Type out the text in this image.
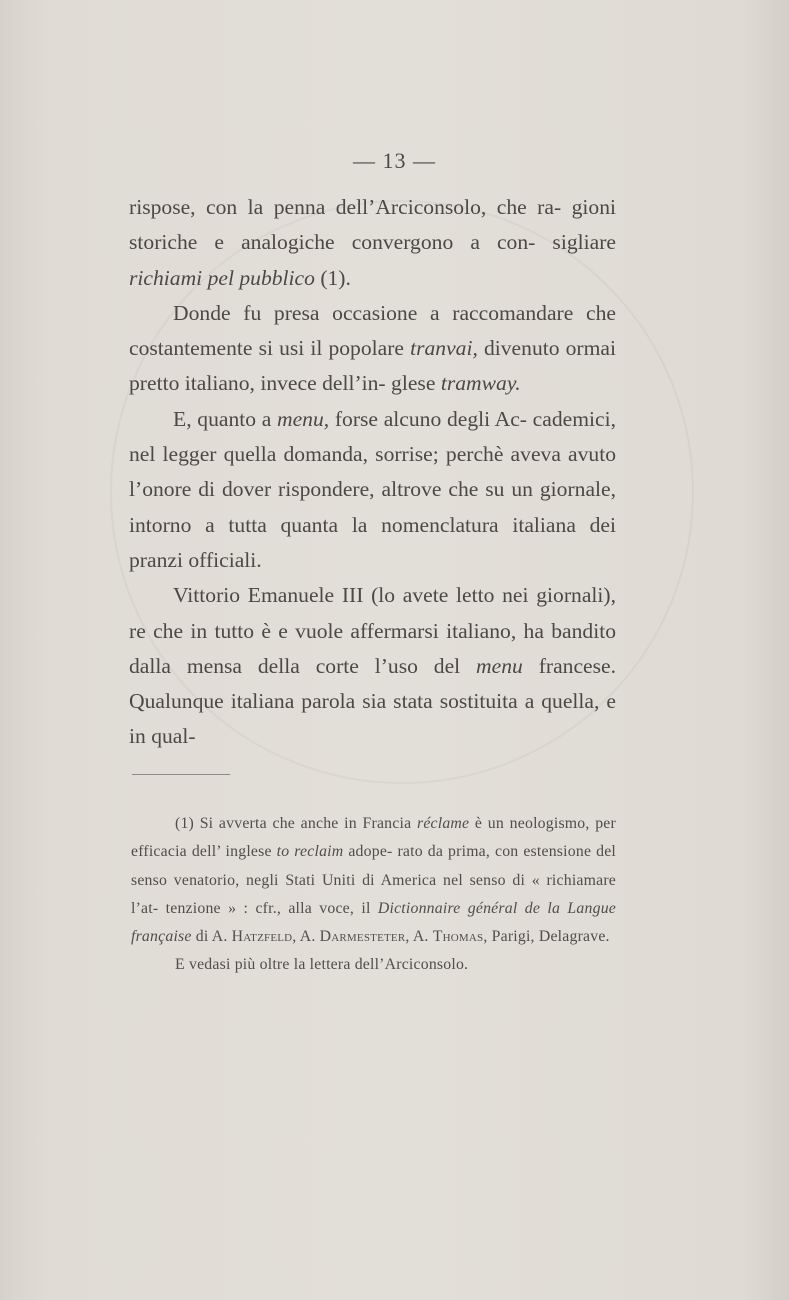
— 13 —

rispose, con la penna dell’Arciconsolo, che ra- gioni storiche e analogiche convergono a con- sigliare richiami pel pubblico (1).

Donde fu presa occasione a raccomandare che costantemente si usi il popolare tranvai, divenuto ormai pretto italiano, invece dell’in- glese tramway.

E, quanto a menu, forse alcuno degli Ac- cademici, nel legger quella domanda, sorrise; perchè aveva avuto l’onore di dover rispondere, altrove che su un giornale, intorno a tutta quanta la nomenclatura italiana dei pranzi officiali.

Vittorio Emanuele III (lo avete letto nei giornali), re che in tutto è e vuole affermarsi italiano, ha bandito dalla mensa della corte l’uso del menu francese. Qualunque italiana parola sia stata sostituita a quella, e in qual-

(1) Si avverta che anche in Francia réclame è un neologismo, per efficacia dell’ inglese to reclaim adope- rato da prima, con estensione del senso venatorio, negli Stati Uniti di America nel senso di « richiamare l’at- tenzione » : cfr., alla voce, il Dictionnaire général de la Langue française di A. Hatzfeld, A. Darmesteter, A. Thomas, Parigi, Delagrave.

E vedasi più oltre la lettera dell’Arciconsolo.
